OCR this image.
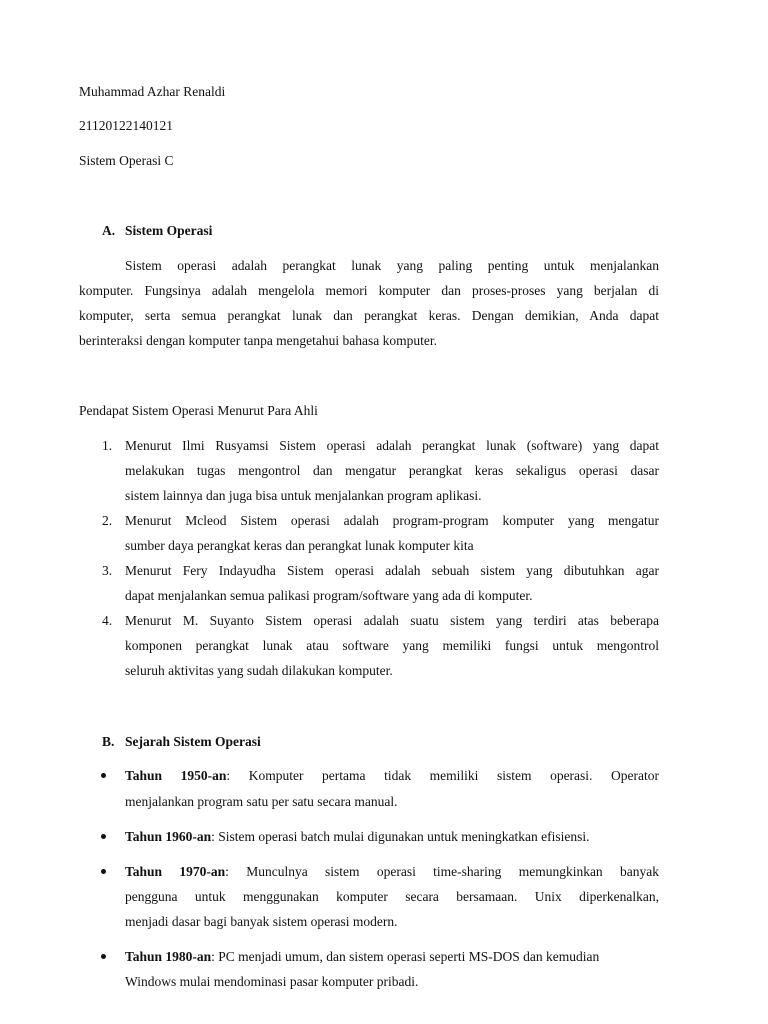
Muhammad Azhar Renaldi
21120122140121
Sistem Operasi C
A. Sistem Operasi
Sistem operasi adalah perangkat lunak yang paling penting untuk menjalankan
komputer. Fungsinya adalah mengelola memori komputer dan proses-proses yang berjalan di
komputer, serta semua perangkat lunak dan perangkat keras. Dengan demikian, Anda dapat
berinteraksi dengan komputer tanpa mengetahui bahasa komputer.
Pendapat Sistem Operasi Menurut Para Ahli
1. Menurut Ilmi Rusyamsi Sistem operasi adalah perangkat lunak (software) yang dapat
melakukan tugas mengontrol dan mengatur perangkat keras sekaligus operasi dasar
sistem lainnya dan juga bisa untuk menjalankan program aplikasi.
2. Menurut Mcleod Sistem operasi adalah program-program komputer yang mengatur
sumber daya perangkat keras dan perangkat lunak komputer kita
3. Menurut Fery Indayudha Sistem operasi adalah sebuah sistem yang dibutuhkan agar
dapat menjalankan semua palikasi program/software yang ada di komputer.
4. Menurut M. Suyanto Sistem operasi adalah suatu sistem yang terdiri atas beberapa
komponen perangkat lunak atau software yang memiliki fungsi untuk mengontrol
seluruh aktivitas yang sudah dilakukan komputer.
B. Sejarah Sistem Operasi
Tahun 1950-an: Komputer pertama tidak memiliki sistem operasi. Operator
menjalankan program satu per satu secara manual.
Tahun 1960-an: Sistem operasi batch mulai digunakan untuk meningkatkan efisiensi.
Tahun 1970-an: Munculnya sistem operasi time-sharing memungkinkan banyak
pengguna untuk menggunakan komputer secara bersamaan. Unix diperkenalkan,
menjadi dasar bagi banyak sistem operasi modern.
Tahun 1980-an: PC menjadi umum, dan sistem operasi seperti MS-DOS dan kemudian
Windows mulai mendominasi pasar komputer pribadi.
